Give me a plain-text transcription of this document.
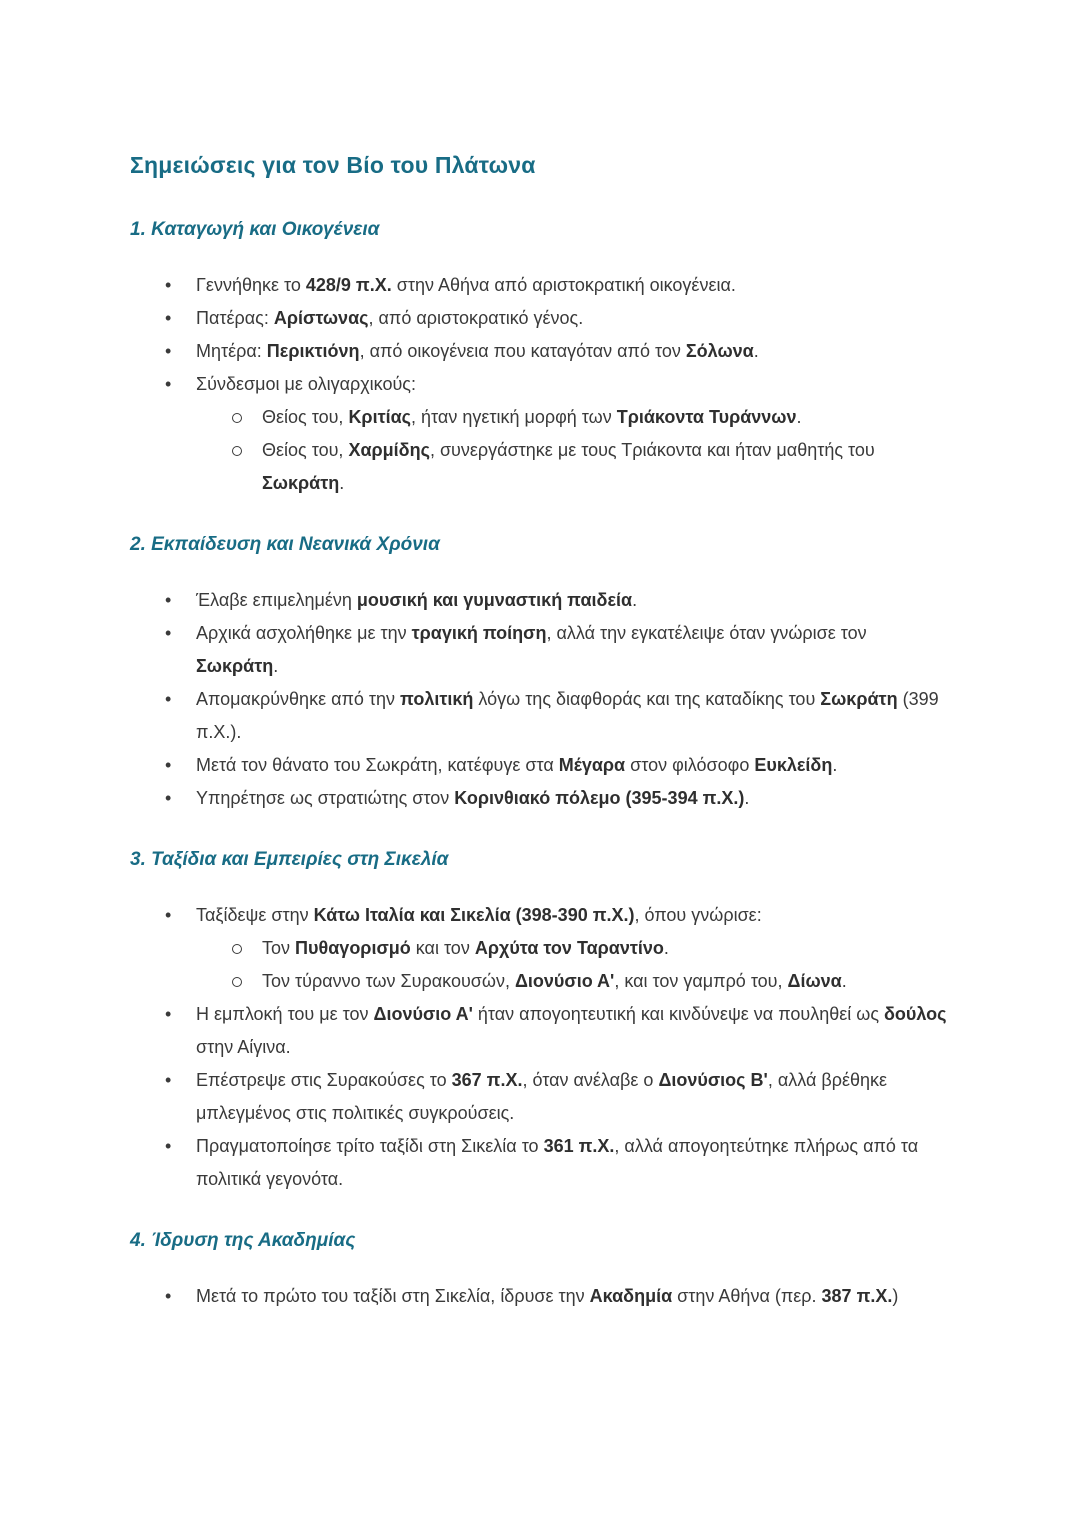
Σημειώσεις για τον Βίο του Πλάτωνα
1. Καταγωγή και Οικογένεια
•	Γεννήθηκε το 428/9 π.Χ. στην Αθήνα από αριστοκρατική οικογένεια.
•	Πατέρας: Αρίστωνας, από αριστοκρατικό γένος.
•	Μητέρα: Περικτιόνη, από οικογένεια που καταγόταν από τον Σόλωνα.
•	Σύνδεσμοι με ολιγαρχικούς:
Θείος του, Κριτίας, ήταν ηγετική μορφή των Τριάκοντα Τυράννων.
Θείος του, Χαρμίδης, συνεργάστηκε με τους Τριάκοντα και ήταν μαθητής του Σωκράτη.
2. Εκπαίδευση και Νεανικά Χρόνια
•	Έλαβε επιμελημένη μουσική και γυμναστική παιδεία.
•	Αρχικά ασχολήθηκε με την τραγική ποίηση, αλλά την εγκατέλειψε όταν γνώρισε τον Σωκράτη.
•	Απομακρύνθηκε από την πολιτική λόγω της διαφθοράς και της καταδίκης του Σωκράτη (399 π.Χ.).
•	Μετά τον θάνατο του Σωκράτη, κατέφυγε στα Μέγαρα στον φιλόσοφο Ευκλείδη.
•	Υπηρέτησε ως στρατιώτης στον Κορινθιακό πόλεμο (395-394 π.Χ.).
3. Ταξίδια και Εμπειρίες στη Σικελία
•	Ταξίδεψε στην Κάτω Ιταλία και Σικελία (398-390 π.Χ.), όπου γνώρισε:
Τον Πυθαγορισμό και τον Αρχύτα τον Ταραντίνο.
Τον τύραννο των Συρακουσών, Διονύσιο Α', και τον γαμπρό του, Δίωνα.
•	Η εμπλοκή του με τον Διονύσιο Α' ήταν απογοητευτική και κινδύνεψε να πουληθεί ως δούλος στην Αίγινα.
•	Επέστρεψε στις Συρακούσες το 367 π.Χ., όταν ανέλαβε ο Διονύσιος Β', αλλά βρέθηκε μπλεγμένος στις πολιτικές συγκρούσεις.
•	Πραγματοποίησε τρίτο ταξίδι στη Σικελία το 361 π.Χ., αλλά απογοητεύτηκε πλήρως από τα πολιτικά γεγονότα.
4. Ίδρυση της Ακαδημίας
•	Μετά το πρώτο του ταξίδι στη Σικελία, ίδρυσε την Ακαδημία στην Αθήνα (περ. 387 π.Χ.)
